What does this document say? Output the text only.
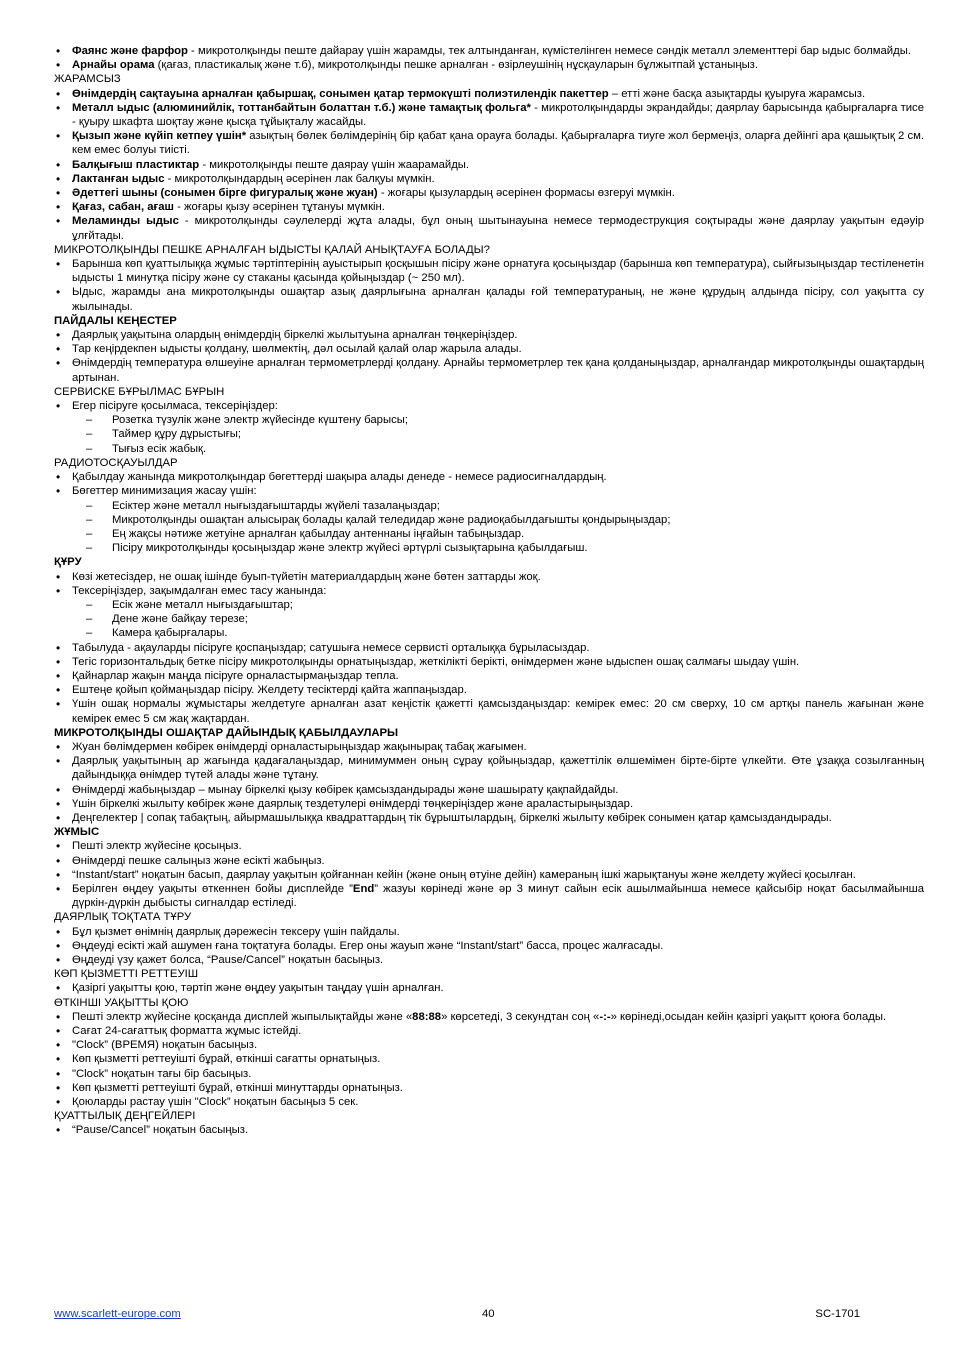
• Фаянс және фарфор - микротолқынды пеште дайарау үшін жарамды, тек алтынданған, күмістелінген немесе сәндік металл элементтері бар ыдыс болмайды.

• Арнайы орама (қағаз, пластикалық және т.б), микротолқынды пешке арналған - өзірлеушінің нұсқауларын бұлжытпай ұстаныңыз.

ЖАРАМСЫЗ

• Өнімдердің сақтауына арналған қабыршақ, сонымен қатар термокүшті полиэтилендік пакеттер – етті және басқа азықтарды қуыруға жарамсыз.

• Металл ыдыс (алюминийлік, тоттанбайтын болаттан т.б.) және тамақтық фольга* - микротолқындарды экрандайды; даярлау барысында қабырғаларға тисе - қуыру шкафта шоқтау және қысқа тұйықталу жасайды.

• Қызып және күйіп кетпеу үшін* азықтың бөлек бөлімдерінің бір қабат қана орауға болады. Қабырғаларға тиуге жол бермеңіз, оларға дейінгі ара қашықтық 2 см. кем емес болуы тиісті.

• Балқығыш пластиктар - микротолқынды пеште даярау үшін жаарамайды.

• Лактанған ыдыс - микротолқындардың әсерінен лак балқуы мүмкін.

• Әдеттегі шыны (сонымен бірге фигуралық және жуан) - жоғары қызулардың әсерінен формасы өзгеруі мүмкін.

• Қағаз, сабан, ағаш - жоғары қызу әсерінен тұтануы мүмкін.

• Меламинды ыдыс - микротолқынды сәулелерді жұта алады, бұл оның шытынауына немесе термодеструкция соқтырады және даярлау уақытын едәуір ұлғйтады.

МИКРОТОЛҚЫНДЫ ПЕШКЕ АРНАЛҒАН ЫДЫСТЫ ҚАЛАЙ АНЫҚТАУҒА БОЛАДЫ?

• Барынша көп қуаттылыққа жұмыс тәртіптерінің ауыстырып қосқышын пісіру және орнатуға қосыңыздар (барынша көп температура), сыйғызыңыздар тестіленетін ыдысты 1 минутқа пісіру және су стаканы қасында қойыңыздар (~ 250 мл).

• Ыдыс, жарамды ана микротолқынды ошақтар азық даярлығына арналған қалады ғой температураның, не және құрудың алдында пісіру, сол уақытта су жылынады.

ПАЙДАЛЫ КЕҢЕСТЕР

• Даярлық уақытына олардың өнімдердің біркелкі жылытуына арналған төңкеріңіздер.

• Тар кеңірдекпен ыдысты қолдану, шөлмектің, дәл осылай қалай олар жарыла алады.

• Өнімдердің температура өлшеуіне арналған термометрлерді қолдану. Арнайы термометрлер тек қана қолданыңыздар, арналғандар микротолқынды ошақтардың артынан.

СЕРВИСКЕ БҰРЫЛМАС БҰРЫН

• Егер пісіруге қосылмаса, тексеріңіздер:

– Розетка түзулік және электр жүйесінде күштену барысы;

– Таймер құру дұрыстығы;

– Тығыз есік жабық.

РАДИОТОСҚАУЫЛДАР

• Қабылдау жанында микротолқындар бөгеттерді шақыра алады денеде - немесе радиосигналдардың.

• Бөгеттер минимизация жасау үшін:

– Есіктер және металл нығыздағыштарды жүйелі тазалаңыздар;

– Микротолқынды ошақтан алысырақ болады қалай теледидар және радиоқабылдағышты қондырыңыздар;

– Ең жақсы нәтиже жетуіне арналған қабылдау антеннаны іңғайын табыңыздар.

– Пісіру микротолқынды қосыңыздар және электр жүйесі әртүрлі сызықтарына қабылдағыш.

ҚҰРУ

• Көзі жетесіздер, не ошақ ішінде буып-түйетін материалдардың және бөтен заттарды жоқ.

• Тексеріңіздер, зақымдалған емес тасу жанында:

– Есік және металл нығыздағыштар;

– Дене және байқау терезе;

– Камера қабырғалары.

• Табылуда - ақауларды пісіруге қоспаңыздар; сатушыға немесе сервисті орталыққа бұрыласыздар.

• Тегіс горизонтальдық бетке пісіру микротолқынды орнатыңыздар, жеткілікті берікті, өнімдермен және ыдыспен ошақ салмағы шыдау үшін.

• Қайнарлар жақын маңда пісіруге орналастырмаңыздар тепла.

• Ештеңе қойып қоймаңыздар пісіру. Желдету тесіктерді қайта жаппаңыздар.

• Үшін ошақ нормалы жұмыстары желдетуге арналған азат кеңістік қажетті қамсыздаңыздар: кемірек емес: 20 см сверху, 10 см артқы панель жағынан және кемірек емес 5 см жақ жақтардан.

МИКРОТОЛҚЫНДЫ ОШАҚТАР ДАЙЫНДЫҚ ҚАБЫЛДАУЛАРЫ

• Жуан бөлімдермен көбірек өнімдерді орналастырыңыздар жақынырақ табақ жағымен.

• Даярлық уақытының ар жағында қадағалаңыздар, минимуммен оның сұрау қойыңыздар, қажеттілік өлшемімен бірте-бірте үлкейти. Өте ұзаққа созылғанның дайындыққа өнімдер түтей алады және тұтану.

• Өнімдерді жабыңыздар – мынау біркелкі қызу көбірек қамсыздандырады және шашырату қақпайдайды.

• Үшін біркелкі жылыту көбірек және даярлық тездетулері өнімдерді төңкеріңіздер және араластырыңыздар.

• Деңгелектер | сопақ табақтың, айырмашылыққа квадраттардың тік бұрыштылардың, біркелкі жылыту көбірек сонымен қатар қамсыздандырады.

ЖҰМЫС

• Пешті электр жүйесіне қосыңыз.

• Өнімдерді пешке салыңыз және есікті жабыңыз.

• “Instant/start” ноқатын басып, даярлау уақытын қойғаннан кейін (және оның өтуіне дейін) камераның ішкі жарықтануы және желдету жүйесі қосылған.

• Берілген өңдеу уақыты өткеннен бойы дисплейде ”End” жазуы көрінеді және әр 3 минут сайын есік ашылмайынша немесе қайсыбір ноқат басылмайынша дүркін-дүркін дыбысты сигналдар естіледі.

ДАЯРЛЫҚ ТОҚТАТА ТҰРУ

• Бұл қызмет өнімнің даярлық дәрежесін тексеру үшін пайдалы.

• Өңдеуді есікті жай ашумен ғана тоқтатуға болады. Егер оны жауып және “Instant/start” басса, процес жалғасады.

• Өңдеуді үзу қажет болса, “Pause/Cancel” ноқатын басыңыз.

КӨП ҚЫЗМЕТТІ РЕТТЕУІШ

• Қазіргі уақытты қою, тәртіп және өңдеу уақытын таңдау үшін арналған.

ӨТКІНШІ УАҚЫТТЫ ҚОЮ

• Пешті электр жүйесіне қосқанда дисплей жыпылықтайды және «88:88» көрсетеді, 3 секундтан соң «-:-» көрінеді,осыдан кейін қазіргі уақытт қоюға болады.

• Сағат 24-сағаттық форматта жұмыс істейді.

• "Clock” (ВРЕМЯ) ноқатын басыңыз.

• Көп қызметті реттеуішті бұрай, өткінші сағатты орнатыңыз.

• "Clock” ноқатын тағы бір басыңыз.

• Көп қызметті реттеуішті бұрай, өткінші минуттарды орнатыңыз.

• Қоюларды растау үшін "Clock” ноқатын басыңыз 5 сек.

ҚУАТТЫЛЫҚ ДЕҢГЕЙЛЕРІ

• “Pause/Cancel” ноқатын басыңыз.

www.scarlett-europe.com	40	SC-1701
